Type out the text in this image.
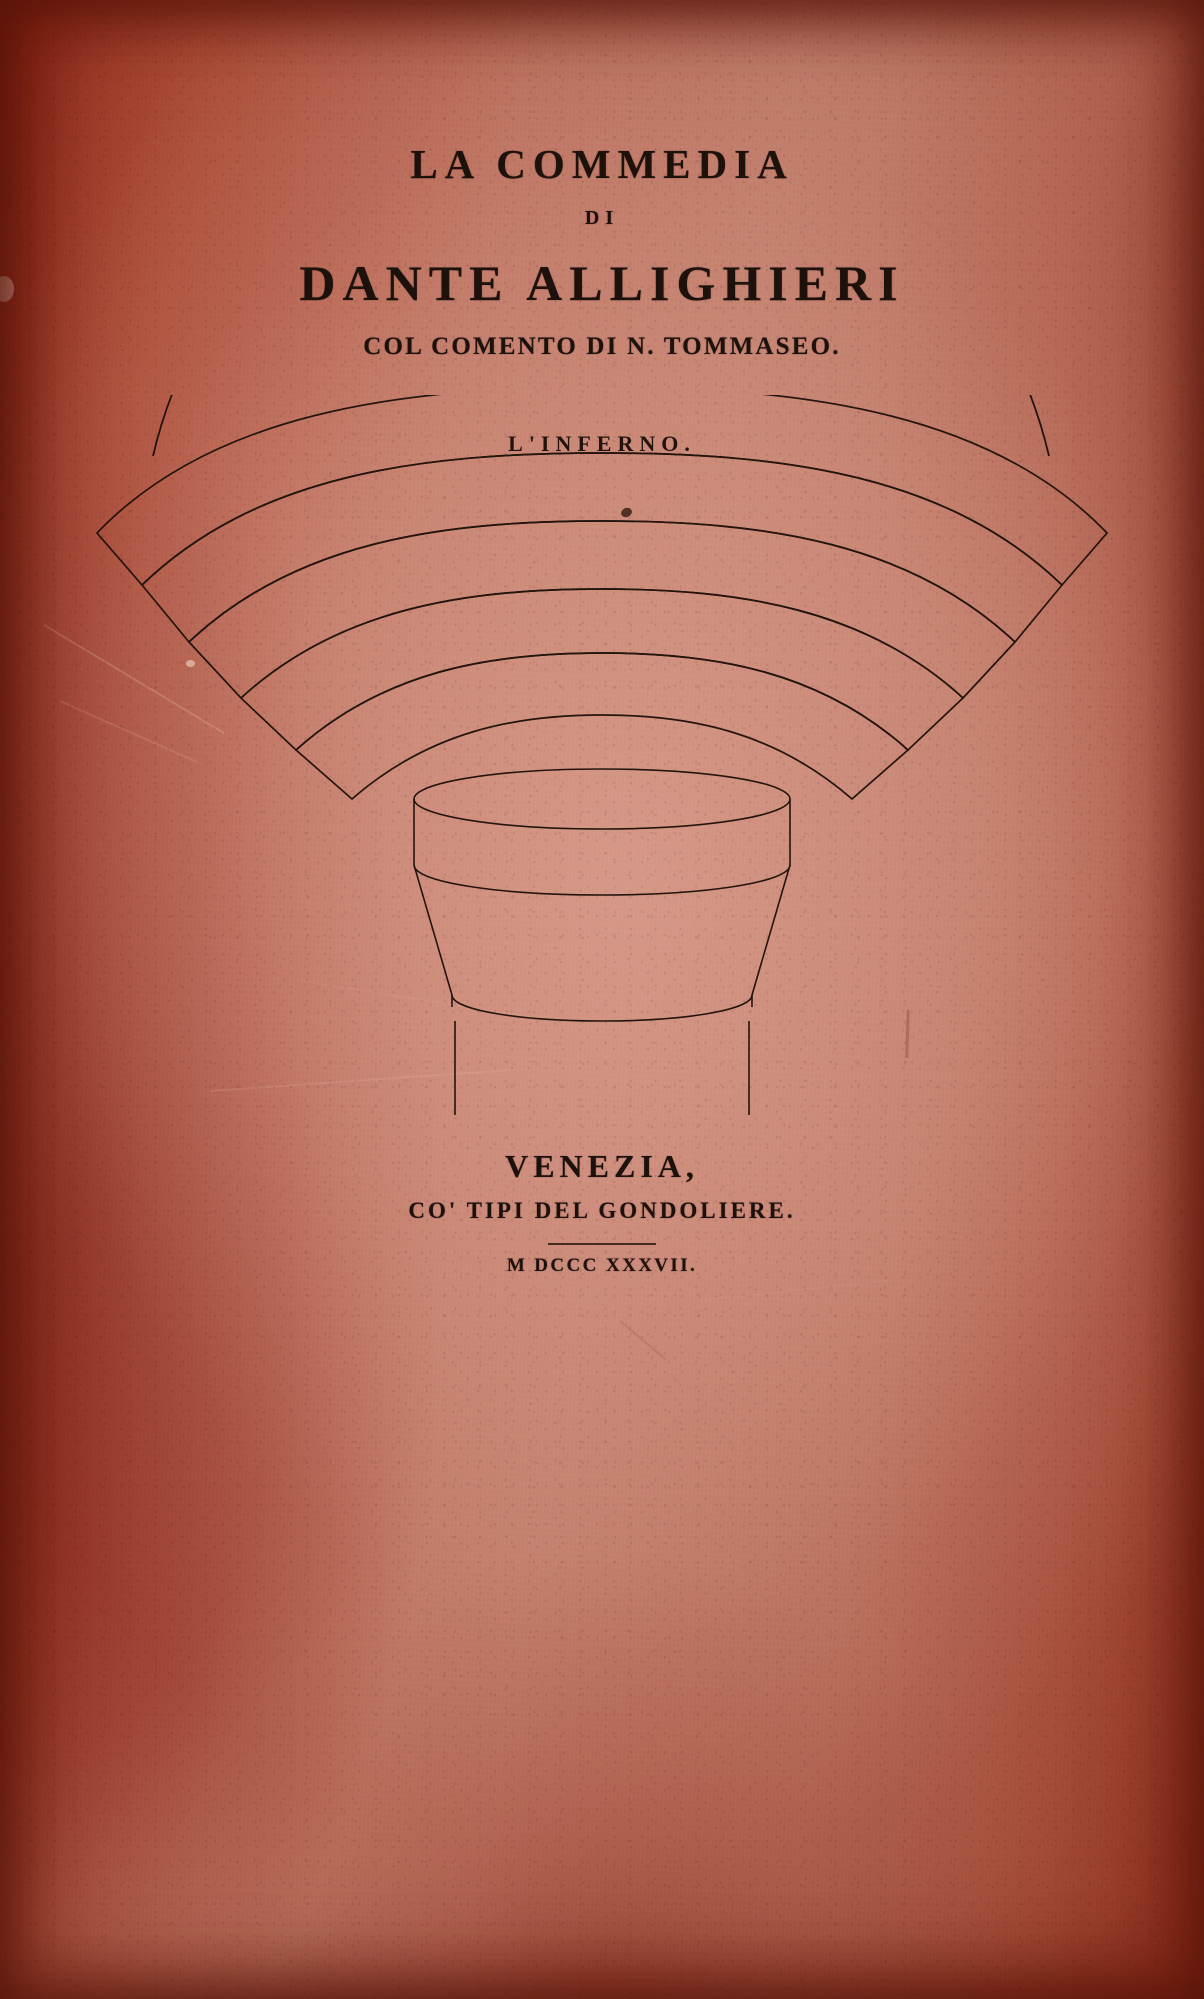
LA COMMEDIA
DI
DANTE ALLIGHIERI
COL COMENTO DI N. TOMMASEO.
L'INFERNO.
VENEZIA,
CO' TIPI DEL GONDOLIERE.
M DCCC XXXVII.
